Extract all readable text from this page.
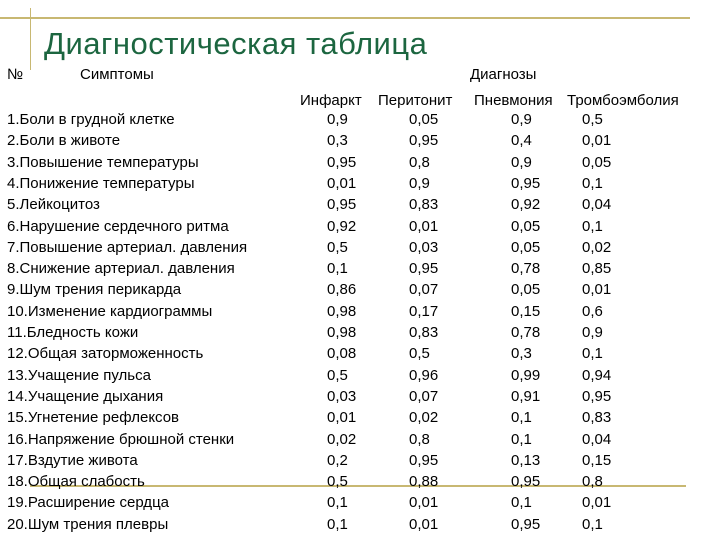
Диагностическая таблица
№	Симптомы	Диагнозы
Инфаркт Перитонит Пневмония Тромбоэмболия
1.Боли в грудной клетке	0,9	0,05	0,9	0,5
2.Боли в животе	0,3	0,95	0,4	0,01
3.Повышение температуры	0,95	0,8	0,9	0,05
4.Понижение температуры	0,01	0,9	0,95	0,1
5.Лейкоцитоз	0,95	0,83	0,92	0,04
6.Нарушение сердечного ритма	0,92	0,01	0,05	0,1
7.Повышение артериал. давления	0,5	0,03	0,05	0,02
8.Снижение артериал. давления	0,1	0,95	0,78	0,85
9.Шум трения перикарда	0,86	0,07	0,05	0,01
10.Изменение кардиограммы	0,98	0,17	0,15	0,6
11.Бледность кожи	0,98	0,83	0,78	0,9
12.Общая заторможенность	0,08	0,5	0,3	0,1
13.Учащение пульса	0,5	0,96	0,99	0,94
14.Учащение дыхания	0,03	0,07	0,91	0,95
15.Угнетение рефлексов	0,01	0,02	0,1	0,83
16.Напряжение брюшной стенки	0,02	0,8	0,1	0,04
17.Вздутие живота	0,2	0,95	0,13	0,15
18.Общая слабость	0,5	0,88	0,95	0,8
19.Расширение сердца	0,1	0,01	0,1	0,01
20.Шум трения плевры	0,1	0,01	0,95	0,1
